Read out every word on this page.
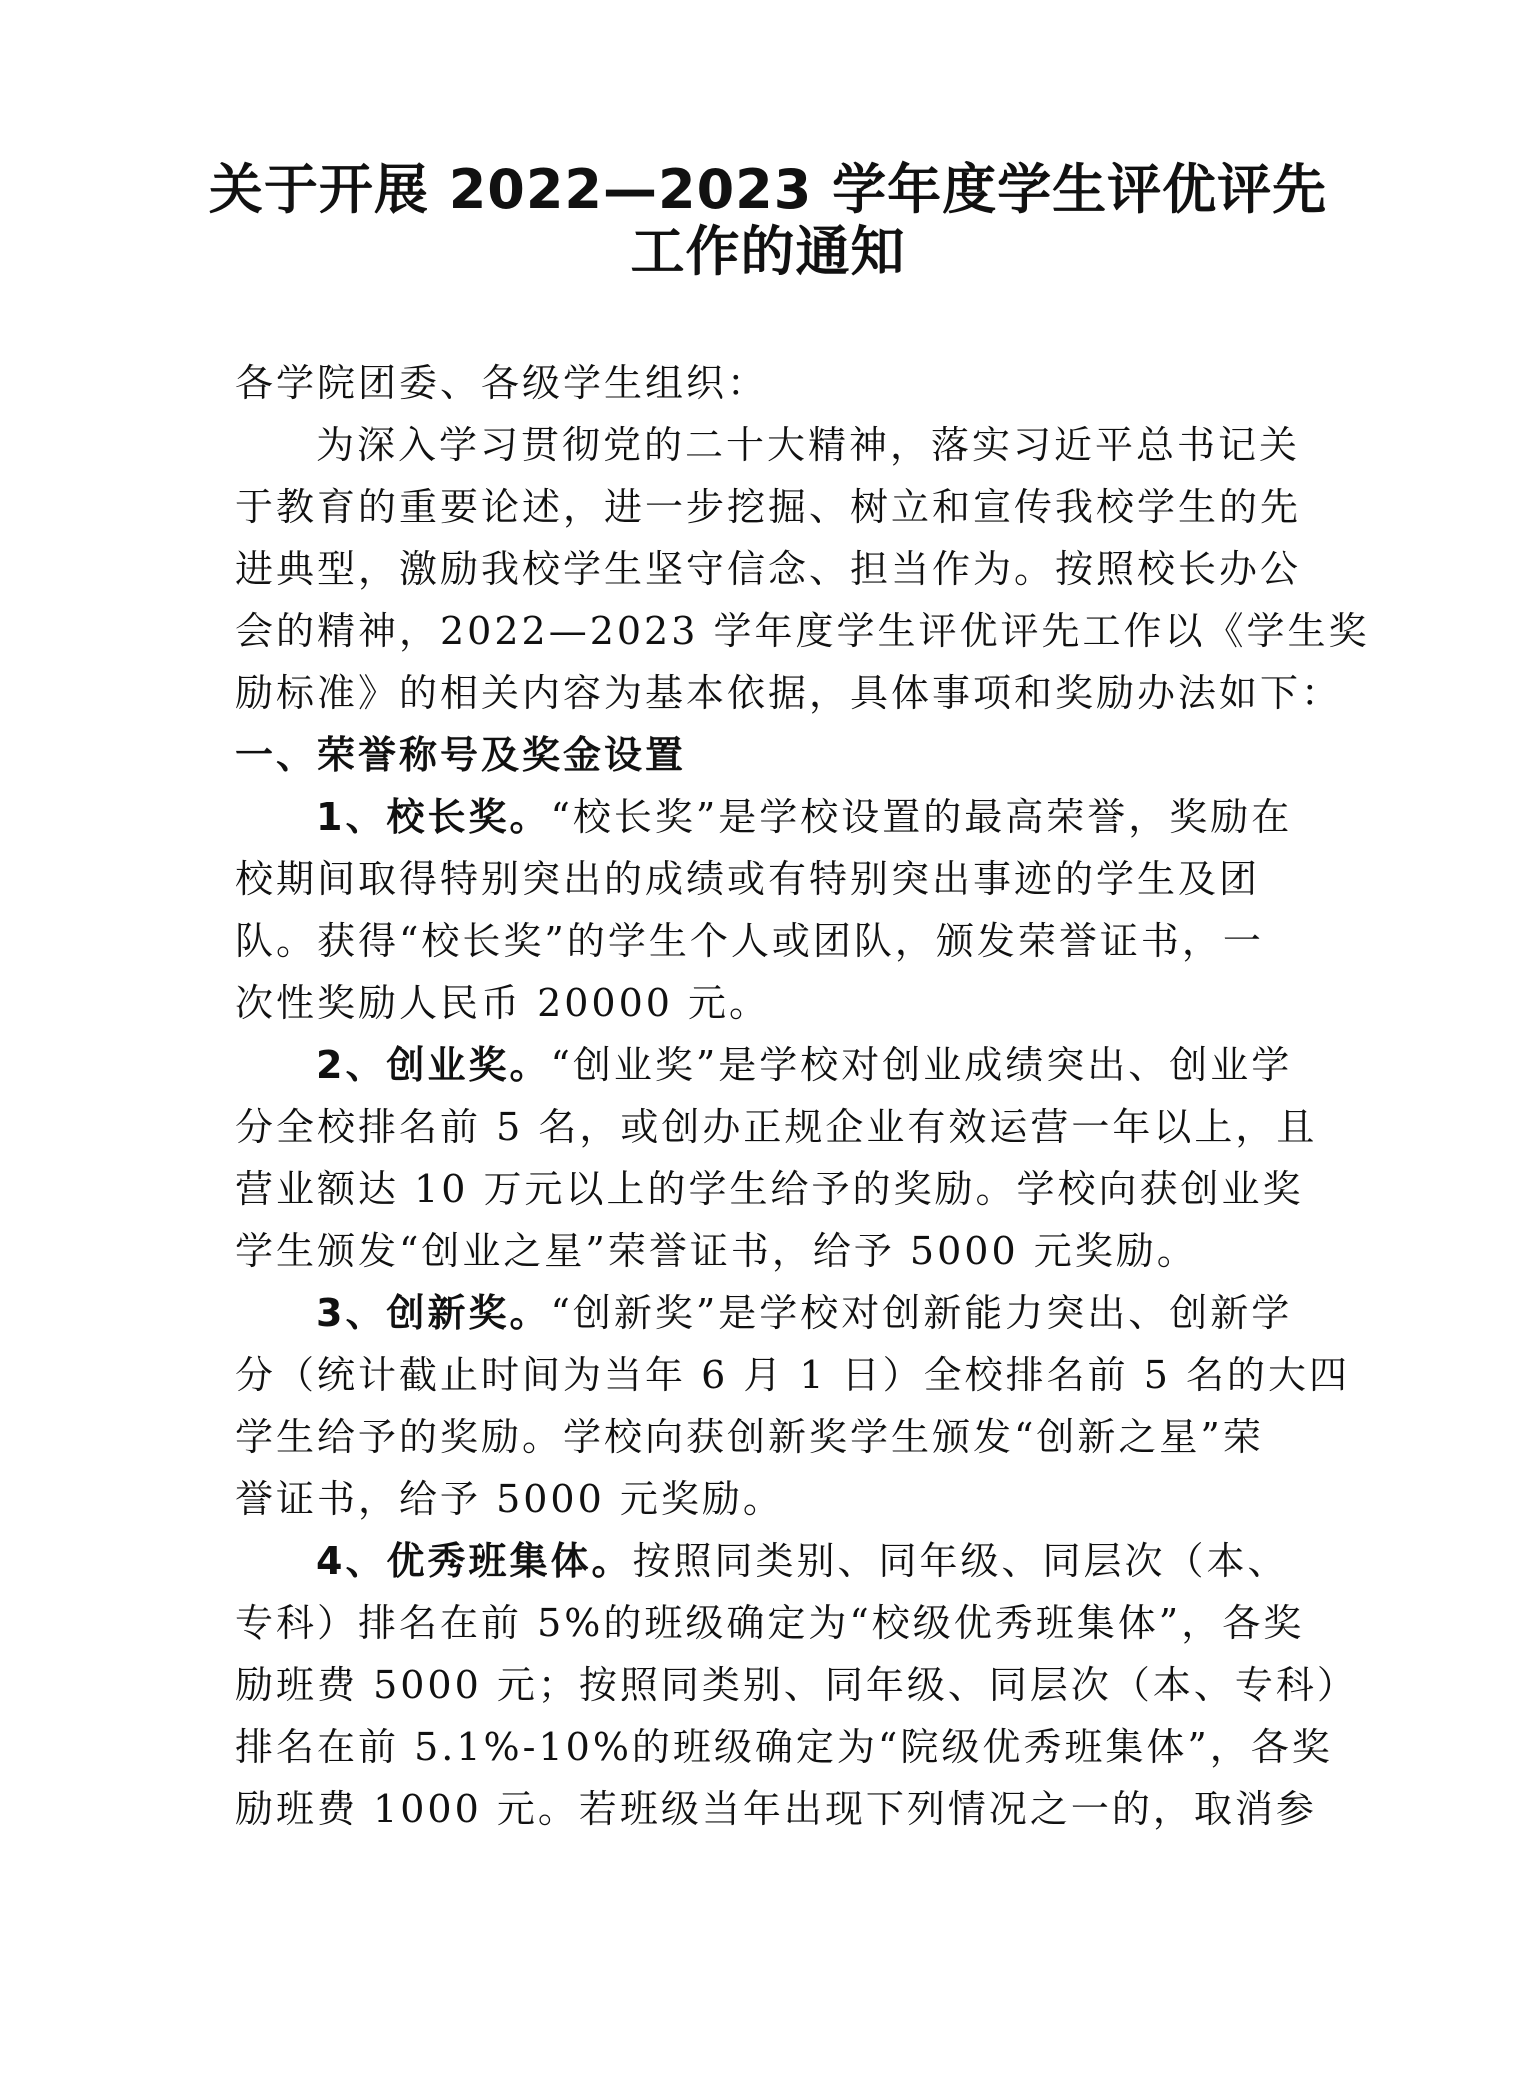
关于开展 2022—2023 学年度学生评优评先
工作的通知
各学院团委、各级学生组织：
为深入学习贯彻党的二十大精神，落实习近平总书记关
于教育的重要论述，进一步挖掘、树立和宣传我校学生的先
进典型，激励我校学生坚守信念、担当作为。按照校长办公
会的精神，2022—2023 学年度学生评优评先工作以《学生奖
励标准》的相关内容为基本依据，具体事项和奖励办法如下：
一、荣誉称号及奖金设置
1、校长奖。“校长奖”是学校设置的最高荣誉，奖励在
校期间取得特别突出的成绩或有特别突出事迹的学生及团
队。获得“校长奖”的学生个人或团队，颁发荣誉证书，一
次性奖励人民币 20000 元。
2、创业奖。“创业奖”是学校对创业成绩突出、创业学
分全校排名前 5 名，或创办正规企业有效运营一年以上，且
营业额达 10 万元以上的学生给予的奖励。学校向获创业奖
学生颁发“创业之星”荣誉证书，给予 5000 元奖励。
3、创新奖。“创新奖”是学校对创新能力突出、创新学
分（统计截止时间为当年 6 月 1 日）全校排名前 5 名的大四
学生给予的奖励。学校向获创新奖学生颁发“创新之星”荣
誉证书，给予 5000 元奖励。
4、优秀班集体。按照同类别、同年级、同层次（本、
专科）排名在前 5%的班级确定为“校级优秀班集体”，各奖
励班费 5000 元；按照同类别、同年级、同层次（本、专科）
排名在前 5.1%-10%的班级确定为“院级优秀班集体”，各奖
励班费 1000 元。若班级当年出现下列情况之一的，取消参
